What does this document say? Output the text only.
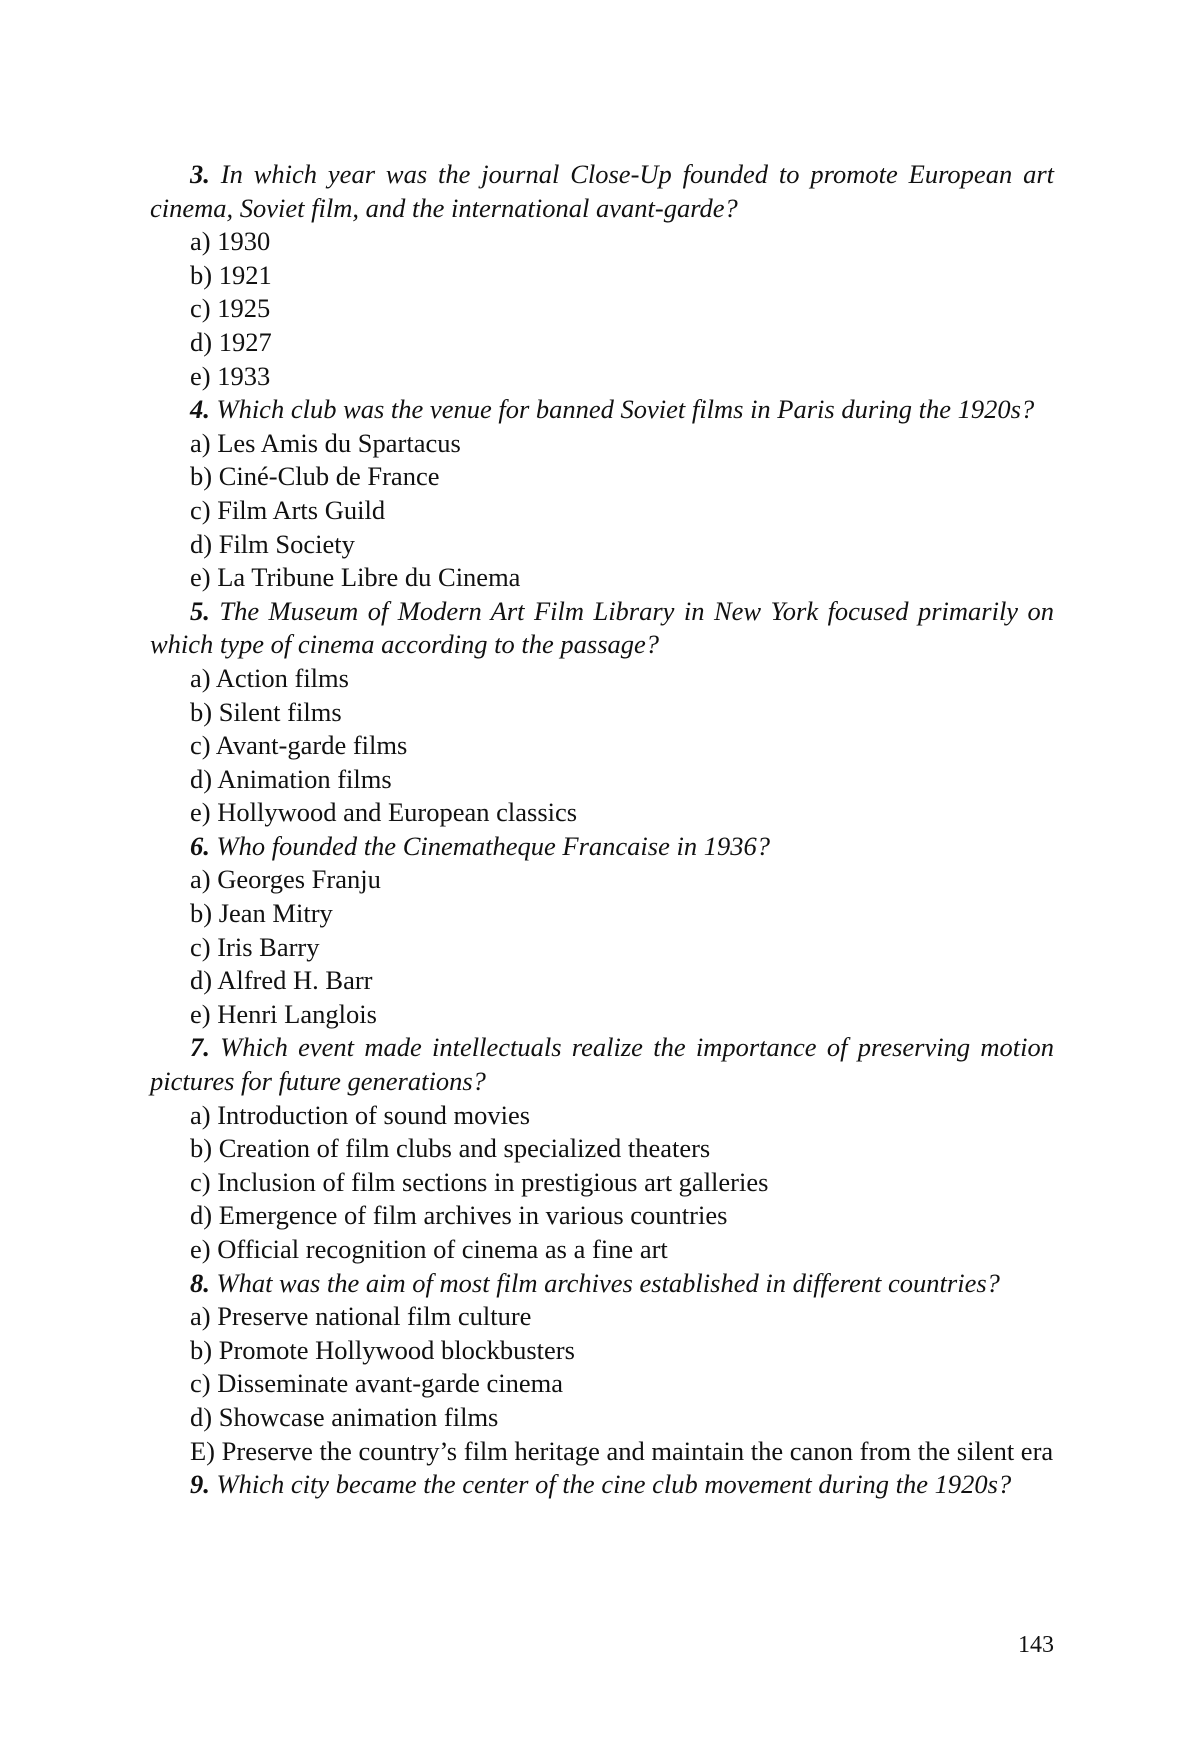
3. In which year was the journal Close-Up founded to promote European art cinema, Soviet film, and the international avant-garde?

a) 1930

b) 1921

c) 1925

d) 1927

e) 1933

4. Which club was the venue for banned Soviet films in Paris during the 1920s?

a) Les Amis du Spartacus

b) Ciné-Club de France

c) Film Arts Guild

d) Film Society

e) La Tribune Libre du Cinema

5. The Museum of Modern Art Film Library in New York focused primarily on which type of cinema according to the passage?

a) Action films

b) Silent films

c) Avant-garde films

d) Animation films

e) Hollywood and European classics

6. Who founded the Cinematheque Francaise in 1936?

a) Georges Franju

b) Jean Mitry

c) Iris Barry

d) Alfred H. Barr

e) Henri Langlois

7. Which event made intellectuals realize the importance of preserving motion pictures for future generations?

a) Introduction of sound movies

b) Creation of film clubs and specialized theaters

c) Inclusion of film sections in prestigious art galleries

d) Emergence of film archives in various countries

e) Official recognition of cinema as a fine art

8. What was the aim of most film archives established in different countries?

a) Preserve national film culture

b) Promote Hollywood blockbusters

c) Disseminate avant-garde cinema

d) Showcase animation films

E) Preserve the country’s film heritage and maintain the canon from the silent era

9. Which city became the center of the cine club movement during the 1920s?

143
